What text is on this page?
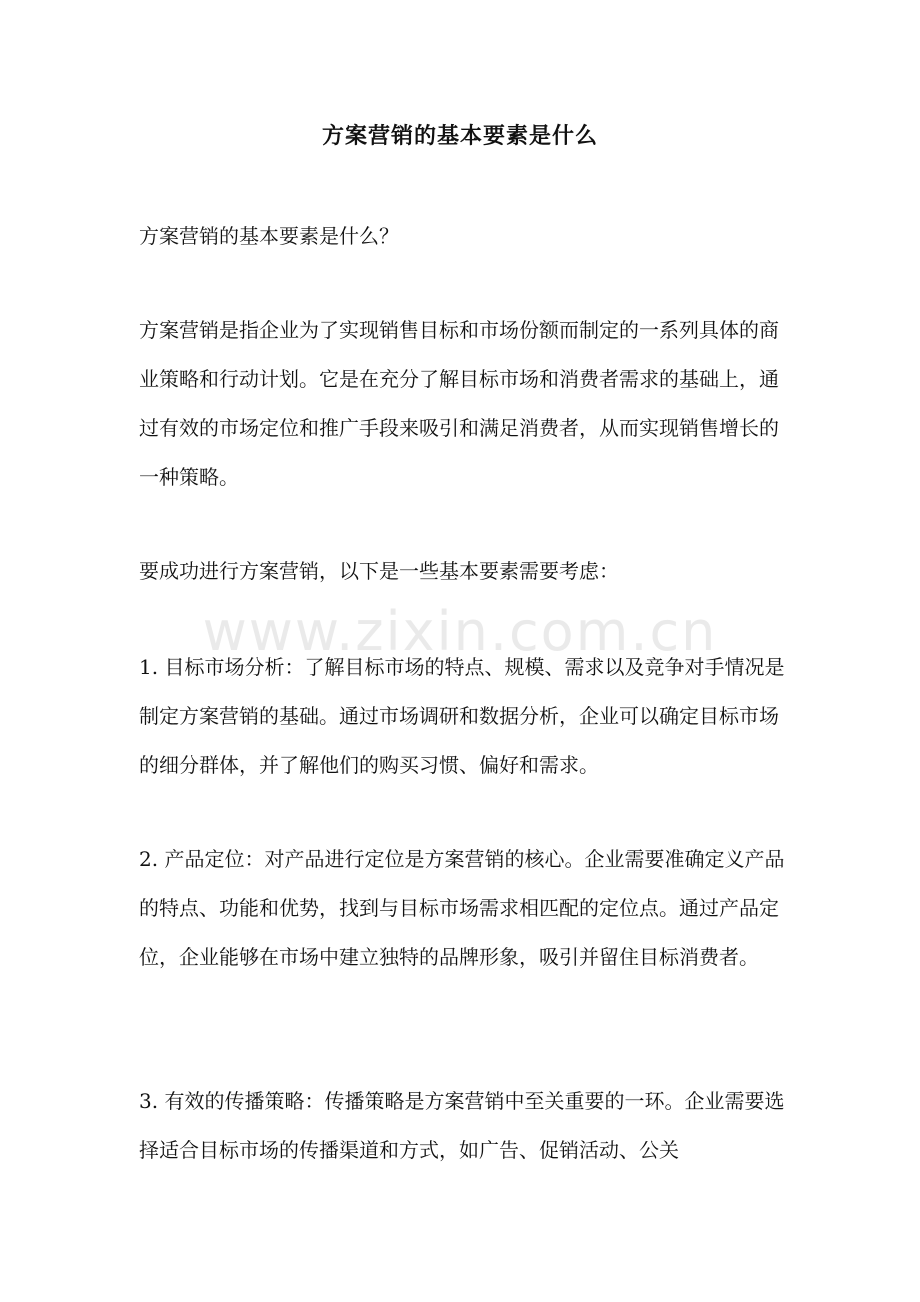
方案营销的基本要素是什么

方案营销的基本要素是什么？

方案营销是指企业为了实现销售目标和市场份额而制定的一系列具体的商业策略和行动计划。它是在充分了解目标市场和消费者需求的基础上，通过有效的市场定位和推广手段来吸引和满足消费者，从而实现销售增长的一种策略。

要成功进行方案营销，以下是一些基本要素需要考虑：

1. 目标市场分析：了解目标市场的特点、规模、需求以及竞争对手情况是制定方案营销的基础。通过市场调研和数据分析，企业可以确定目标市场的细分群体，并了解他们的购买习惯、偏好和需求。

2. 产品定位：对产品进行定位是方案营销的核心。企业需要准确定义产品的特点、功能和优势，找到与目标市场需求相匹配的定位点。通过产品定位，企业能够在市场中建立独特的品牌形象，吸引并留住目标消费者。

3. 有效的传播策略：传播策略是方案营销中至关重要的一环。企业需要选择适合目标市场的传播渠道和方式，如广告、促销活动、公关

www.zixin.com.cn
